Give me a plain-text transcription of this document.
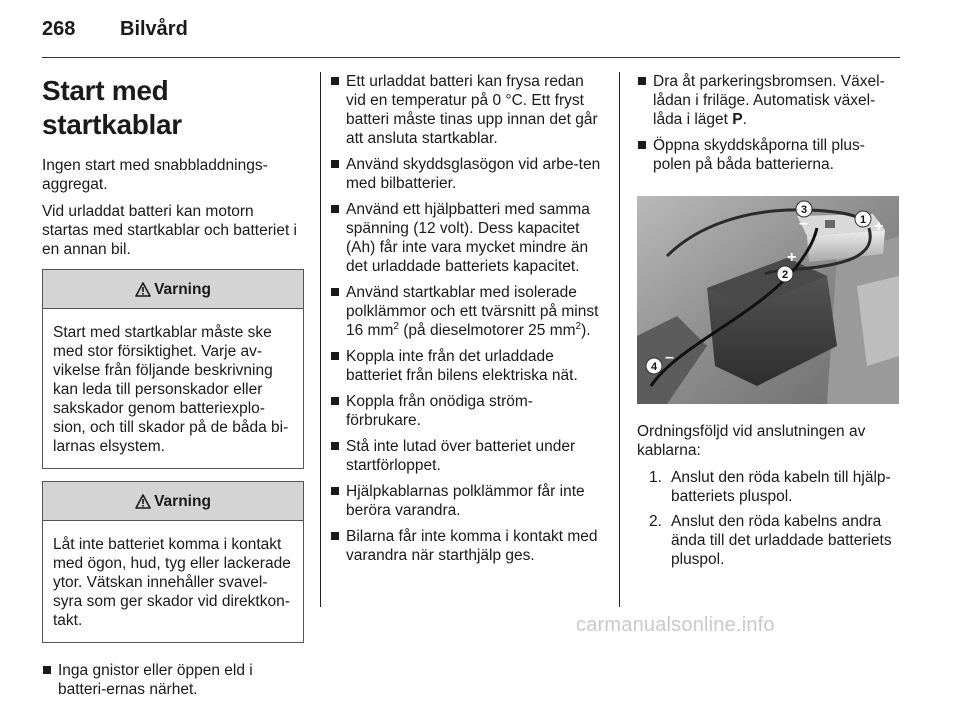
268 Bilvård
Start med startkablar

Ingen start med snabbladdnings-aggregat.

Vid urladdat batteri kan motorn startas med startkablar och batteriet i en annan bil.

Varning
Start med startkablar måste ske med stor försiktighet. Varje av-vikelse från följande beskrivning kan leda till personskador eller sakskador genom batteriexplo-sion, och till skador på de båda bi-larnas elsystem.
Varning
Låt inte batteriet komma i kontakt med ögon, hud, tyg eller lackerade ytor. Vätskan innehåller svavel-syra som ger skador vid direktkon-takt.
Inga gnistor eller öppen eld i batteri-ernas närhet.
Ett urladdat batteri kan frysa redan vid en temperatur på 0 °C. Ett fryst batteri måste tinas upp innan det går att ansluta startkablar.
Använd skyddsglasögon vid arbe-ten med bilbatterier.
Använd ett hjälpbatteri med samma spänning (12 volt). Dess kapacitet (Ah) får inte vara mycket mindre än det urladdade batteriets kapacitet.
Använd startkablar med isolerade polklämmor och ett tvärsnitt på minst 16 $mm^2$ (på dieselmotorer 25 $mm^2$).
Koppla inte från det urladdade batteriet från bilens elektriska nät.
Koppla från onödiga ström-förbrukare.
Stå inte lutad över batteriet under startförloppet.
Hjälpkablarnas polklämmor får inte beröra varandra.
Bilarna får inte komma i kontakt med varandra när starthjälp ges.
Dra åt parkeringsbromsen. Växel-lådan i friläge. Automatisk växel-låda i läget P.
Öppna skyddskåporna till plus-polen på båda batterierna.
1 +
3
–
2
+
4
–

Ordningsföljd vid anslutningen av kablarna:

1. Anslut den röda kabeln till hjälp-batteriets pluspol.
2. Anslut den röda kabelns andra ända till det urladdade batteriets pluspol.
carmanualsonline.info
